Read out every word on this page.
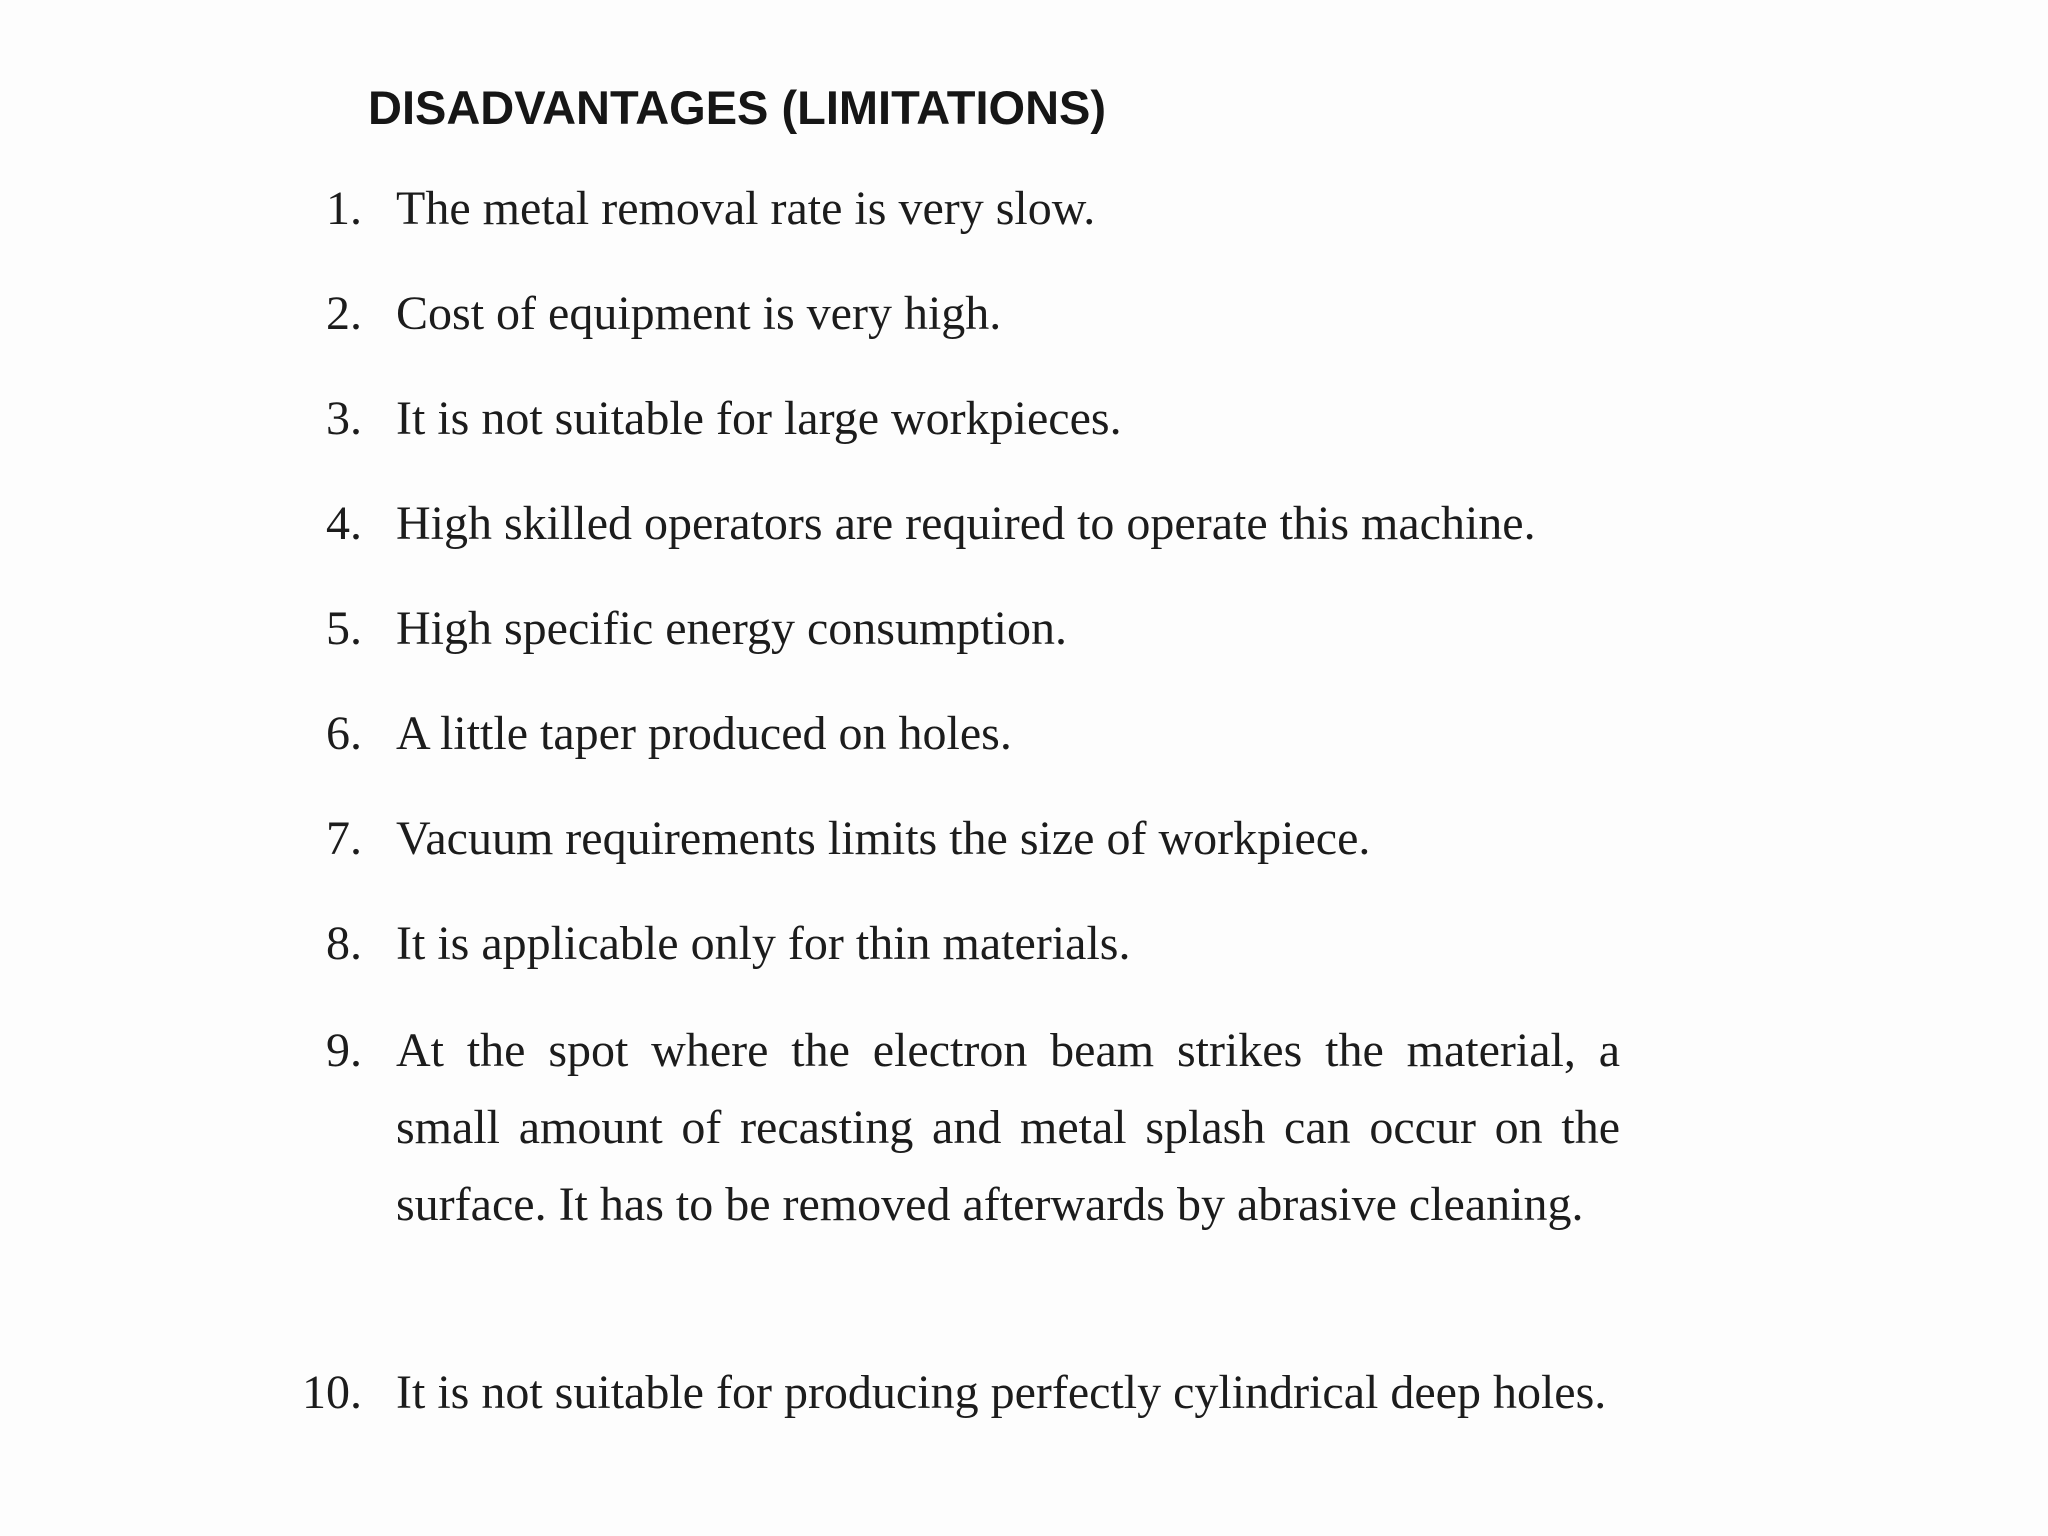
DISADVANTAGES (LIMITATIONS)
1. The metal removal rate is very slow.
2. Cost of equipment is very high.
3. It is not suitable for large workpieces.
4. High skilled operators are required to operate this machine.
5. High specific energy consumption.
6. A little taper produced on holes.
7. Vacuum requirements limits the size of workpiece.
8. It is applicable only for thin materials.
9. At the spot where the electron beam strikes the material, a small amount of recasting and metal splash can occur on the surface. It has to be removed afterwards by abrasive cleaning.
10. It is not suitable for producing perfectly cylindrical deep holes.
